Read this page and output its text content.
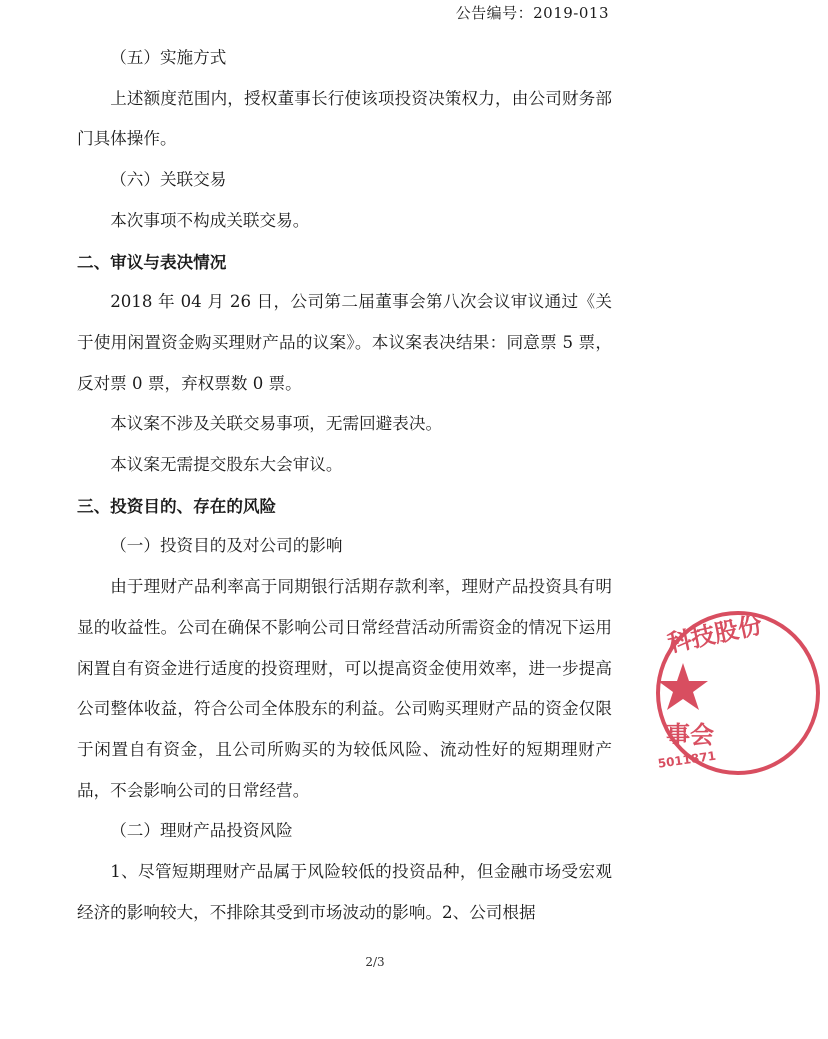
公告编号：2019-013

（五）实施方式

上述额度范围内，授权董事长行使该项投资决策权力，由公司财务部门具体操作。

（六）关联交易

本次事项不构成关联交易。

二、审议与表决情况

2018 年 04 月 26 日，公司第二届董事会第八次会议审议通过《关于使用闲置资金购买理财产品的议案》。本议案表决结果：同意票 5 票，反对票 0 票，弃权票数 0 票。

本议案不涉及关联交易事项，无需回避表决。

本议案无需提交股东大会审议。

三、投资目的、存在的风险

（一）投资目的及对公司的影响

由于理财产品利率高于同期银行活期存款利率，理财产品投资具有明显的收益性。公司在确保不影响公司日常经营活动所需资金的情况下运用闲置自有资金进行适度的投资理财，可以提高资金使用效率，进一步提高公司整体收益，符合公司全体股东的利益。公司购买理财产品的资金仅限于闲置自有资金，且公司所购买的为较低风险、流动性好的短期理财产品，不会影响公司的日常经营。

（二）理财产品投资风险

1、尽管短期理财产品属于风险较低的投资品种，但金融市场受宏观经济的影响较大，不排除其受到市场波动的影响。2、公司根据

2/3
科技股份
事会
5011871
